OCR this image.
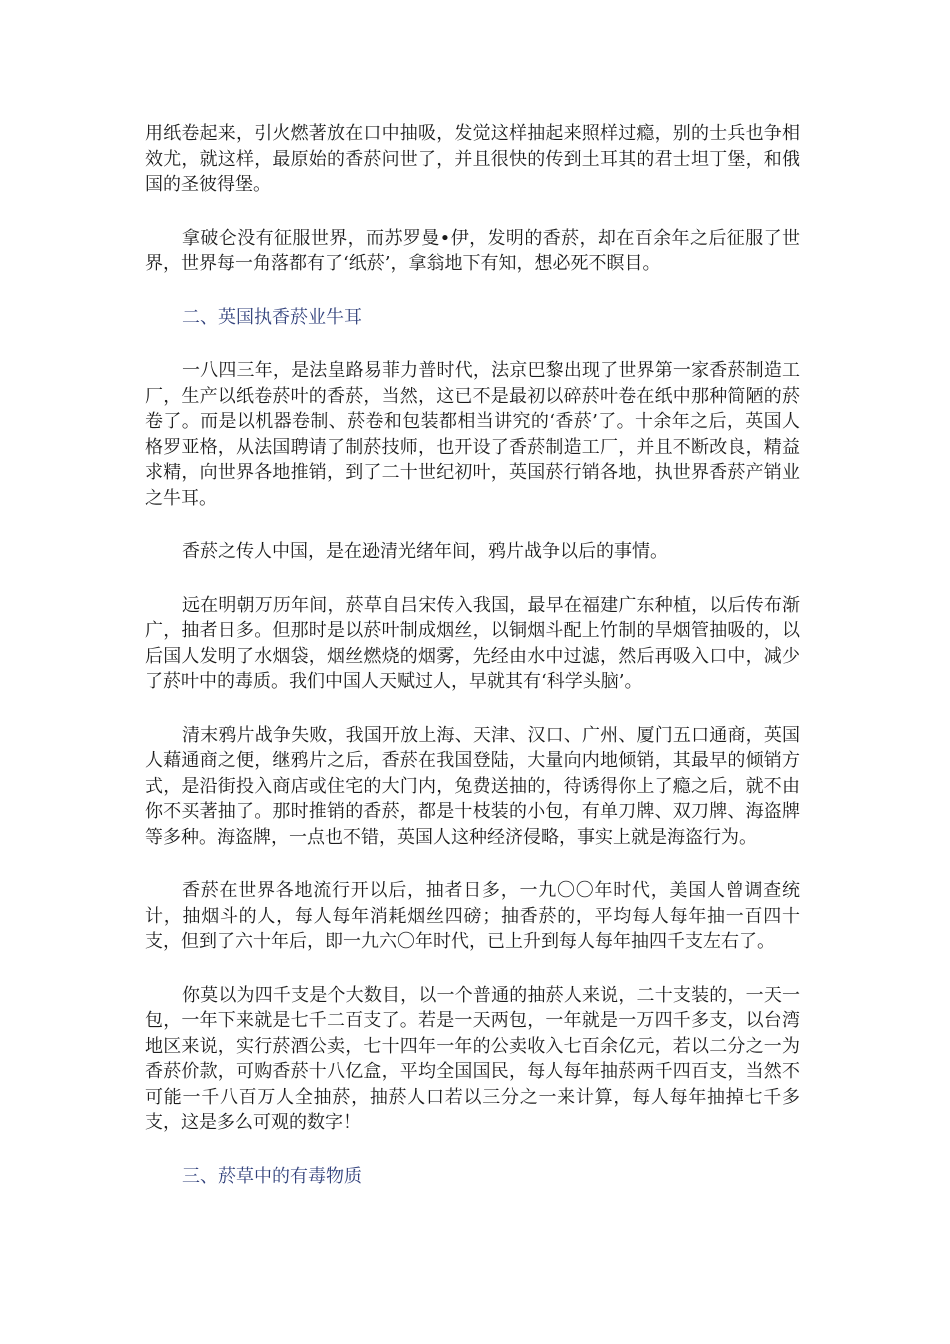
用纸卷起来，引火燃著放在口中抽吸，发觉这样抽起来照样过瘾，别的士兵也争相效尤，就这样，最原始的香菸问世了，并且很快的传到土耳其的君士坦丁堡，和俄国的圣彼得堡。

拿破仑没有征服世界，而苏罗曼•伊，发明的香菸，却在百余年之后征服了世界，世界每一角落都有了‘纸菸’，拿翁地下有知，想必死不瞑目。

二、英国执香菸业牛耳

一八四三年，是法皇路易菲力普时代，法京巴黎出现了世界第一家香菸制造工厂，生产以纸卷菸叶的香菸，当然，这已不是最初以碎菸叶卷在纸中那种简陋的菸卷了。而是以机器卷制、菸卷和包装都相当讲究的‘香菸’了。十余年之后，英国人格罗亚格，从法国聘请了制菸技师，也开设了香菸制造工厂，并且不断改良，精益求精，向世界各地推销，到了二十世纪初叶，英国菸行销各地，执世界香菸产销业之牛耳。

香菸之传人中国，是在逊清光绪年间，鸦片战争以后的事情。

远在明朝万历年间，菸草自吕宋传入我国，最早在福建广东种植，以后传布渐广，抽者日多。但那时是以菸叶制成烟丝，以铜烟斗配上竹制的旱烟管抽吸的，以后国人发明了水烟袋，烟丝燃烧的烟雾，先经由水中过滤，然后再吸入口中，减少了菸叶中的毒质。我们中国人天赋过人，早就其有‘科学头脑’。

清末鸦片战争失败，我国开放上海、天津、汉口、广州、厦门五口通商，英国人藉通商之便，继鸦片之后，香菸在我国登陆，大量向内地倾销，其最早的倾销方式，是沿街投入商店或住宅的大门内，兔费送抽的，待诱得你上了瘾之后，就不由你不买著抽了。那时推销的香菸，都是十枝装的小包，有单刀牌、双刀牌、海盗牌等多种。海盗牌，一点也不错，英国人这种经济侵略，事实上就是海盗行为。

香菸在世界各地流行开以后，抽者日多，一九〇〇年时代，美国人曾调查统计，抽烟斗的人，每人每年消耗烟丝四磅；抽香菸的，平均每人每年抽一百四十支，但到了六十年后，即一九六〇年时代，已上升到每人每年抽四千支左右了。

你莫以为四千支是个大数目，以一个普通的抽菸人来说，二十支装的，一天一包，一年下来就是七千二百支了。若是一天两包，一年就是一万四千多支，以台湾地区来说，实行菸酒公卖，七十四年一年的公卖收入七百余亿元，若以二分之一为香菸价款，可购香菸十八亿盒，平均全国国民，每人每年抽菸两千四百支，当然不可能一千八百万人全抽菸，抽菸人口若以三分之一来计算，每人每年抽掉七千多支，这是多么可观的数字！

三、菸草中的有毒物质
